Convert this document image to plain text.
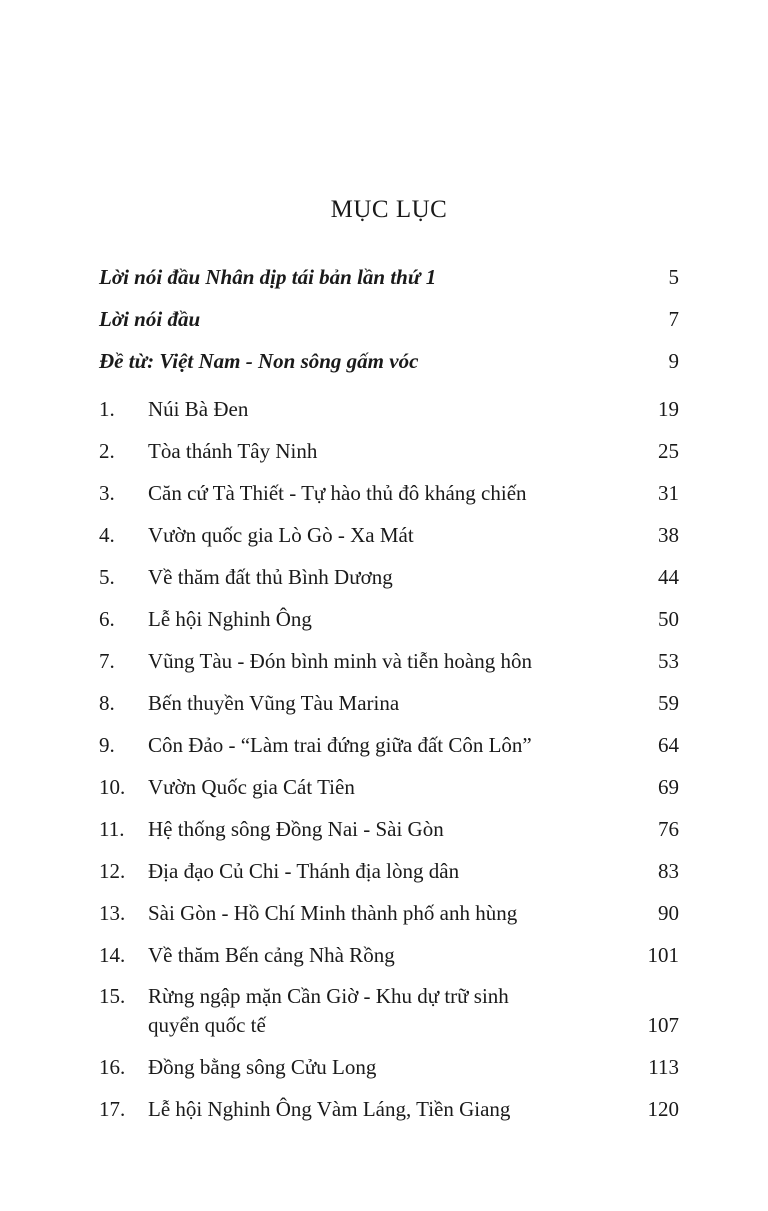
MỤC LỤC
Lời nói đầu Nhân dịp tái bản lần thứ 1	5
Lời nói đầu	7
Đề từ: Việt Nam - Non sông gấm vóc	9
1. Núi Bà Đen	19
2. Tòa thánh Tây Ninh	25
3. Căn cứ Tà Thiết - Tự hào thủ đô kháng chiến	31
4. Vườn quốc gia Lò Gò - Xa Mát	38
5. Về thăm đất thủ Bình Dương	44
6. Lễ hội Nghinh Ông	50
7. Vũng Tàu - Đón bình minh và tiễn hoàng hôn	53
8. Bến thuyền Vũng Tàu Marina	59
9. Côn Đảo - “Làm trai đứng giữa đất Côn Lôn”	64
10. Vườn Quốc gia Cát Tiên	69
11. Hệ thống sông Đồng Nai - Sài Gòn	76
12. Địa đạo Củ Chi - Thánh địa lòng dân	83
13. Sài Gòn - Hồ Chí Minh thành phố anh hùng	90
14. Về thăm Bến cảng Nhà Rồng	101
15. Rừng ngập mặn Cần Giờ - Khu dự trữ sinh
quyển quốc tế	107
16. Đồng bằng sông Cửu Long	113
17. Lễ hội Nghinh Ông Vàm Láng, Tiền Giang	120
